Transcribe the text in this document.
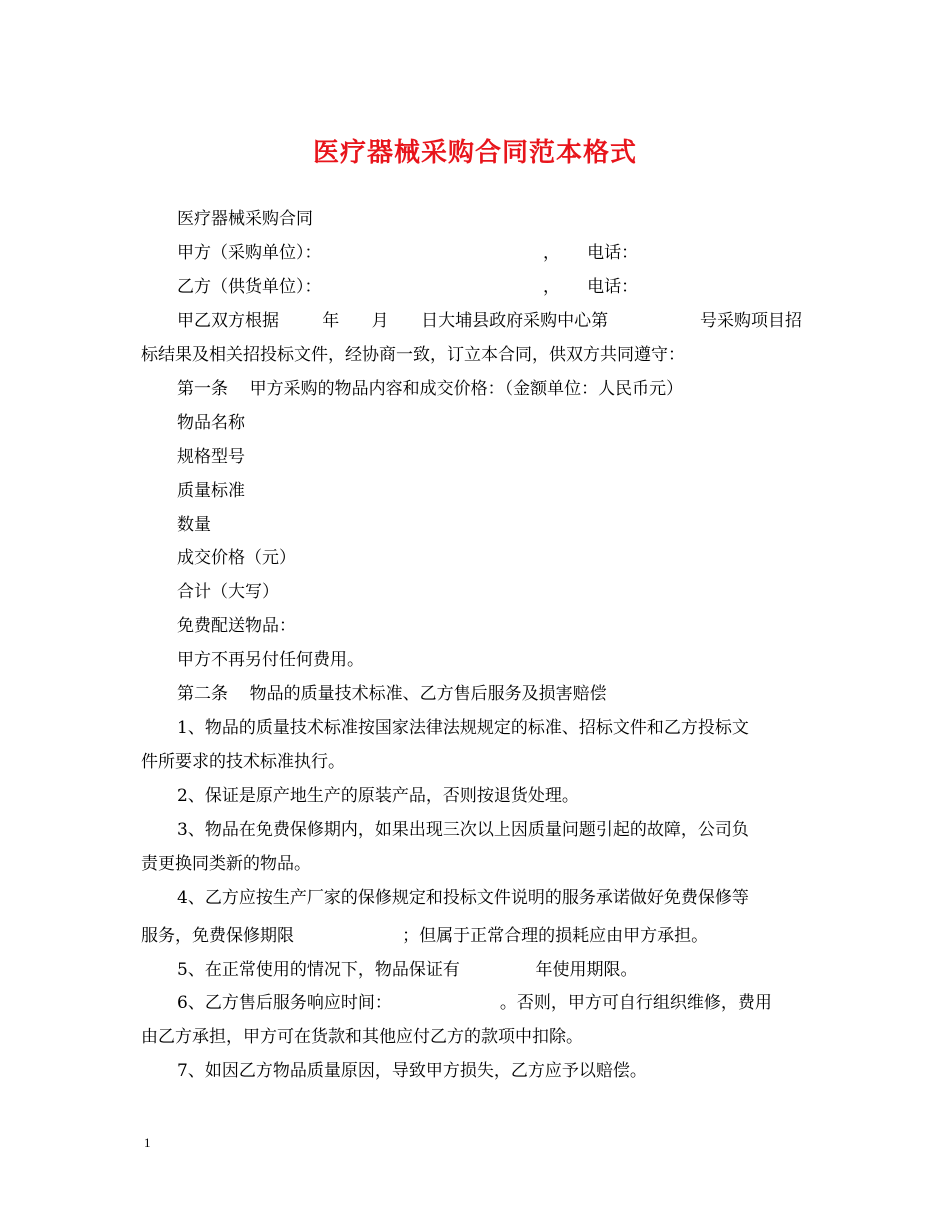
医疗器械采购合同范本格式
医疗器械采购合同
甲方（采购单位）：                                         ，     电话：
乙方（供货单位）：                                         ，     电话：
甲乙双方根据        年      月      日大埔县政府采购中心第                 号采购项目招
标结果及相关招投标文件，经协商一致，订立本合同，供双方共同遵守：
第一条    甲方采购的物品内容和成交价格：（金额单位：人民币元）
物品名称
规格型号
质量标准
数量
成交价格（元）
合计（大写）
免费配送物品：
甲方不再另付任何费用。
第二条    物品的质量技术标准、乙方售后服务及损害赔偿
1、物品的质量技术标准按国家法律法规规定的标准、招标文件和乙方投标文
件所要求的技术标准执行。
2、保证是原产地生产的原装产品，否则按退货处理。
3、物品在免费保修期内，如果出现三次以上因质量问题引起的故障，公司负
责更换同类新的物品。
4、乙方应按生产厂家的保修规定和投标文件说明的服务承诺做好免费保修等
服务，免费保修期限                    ；但属于正常合理的损耗应由甲方承担。
5、在正常使用的情况下，物品保证有              年使用期限。
6、乙方售后服务响应时间：                    。否则，甲方可自行组织维修，费用
由乙方承担，甲方可在货款和其他应付乙方的款项中扣除。
7、如因乙方物品质量原因，导致甲方损失，乙方应予以赔偿。
1
